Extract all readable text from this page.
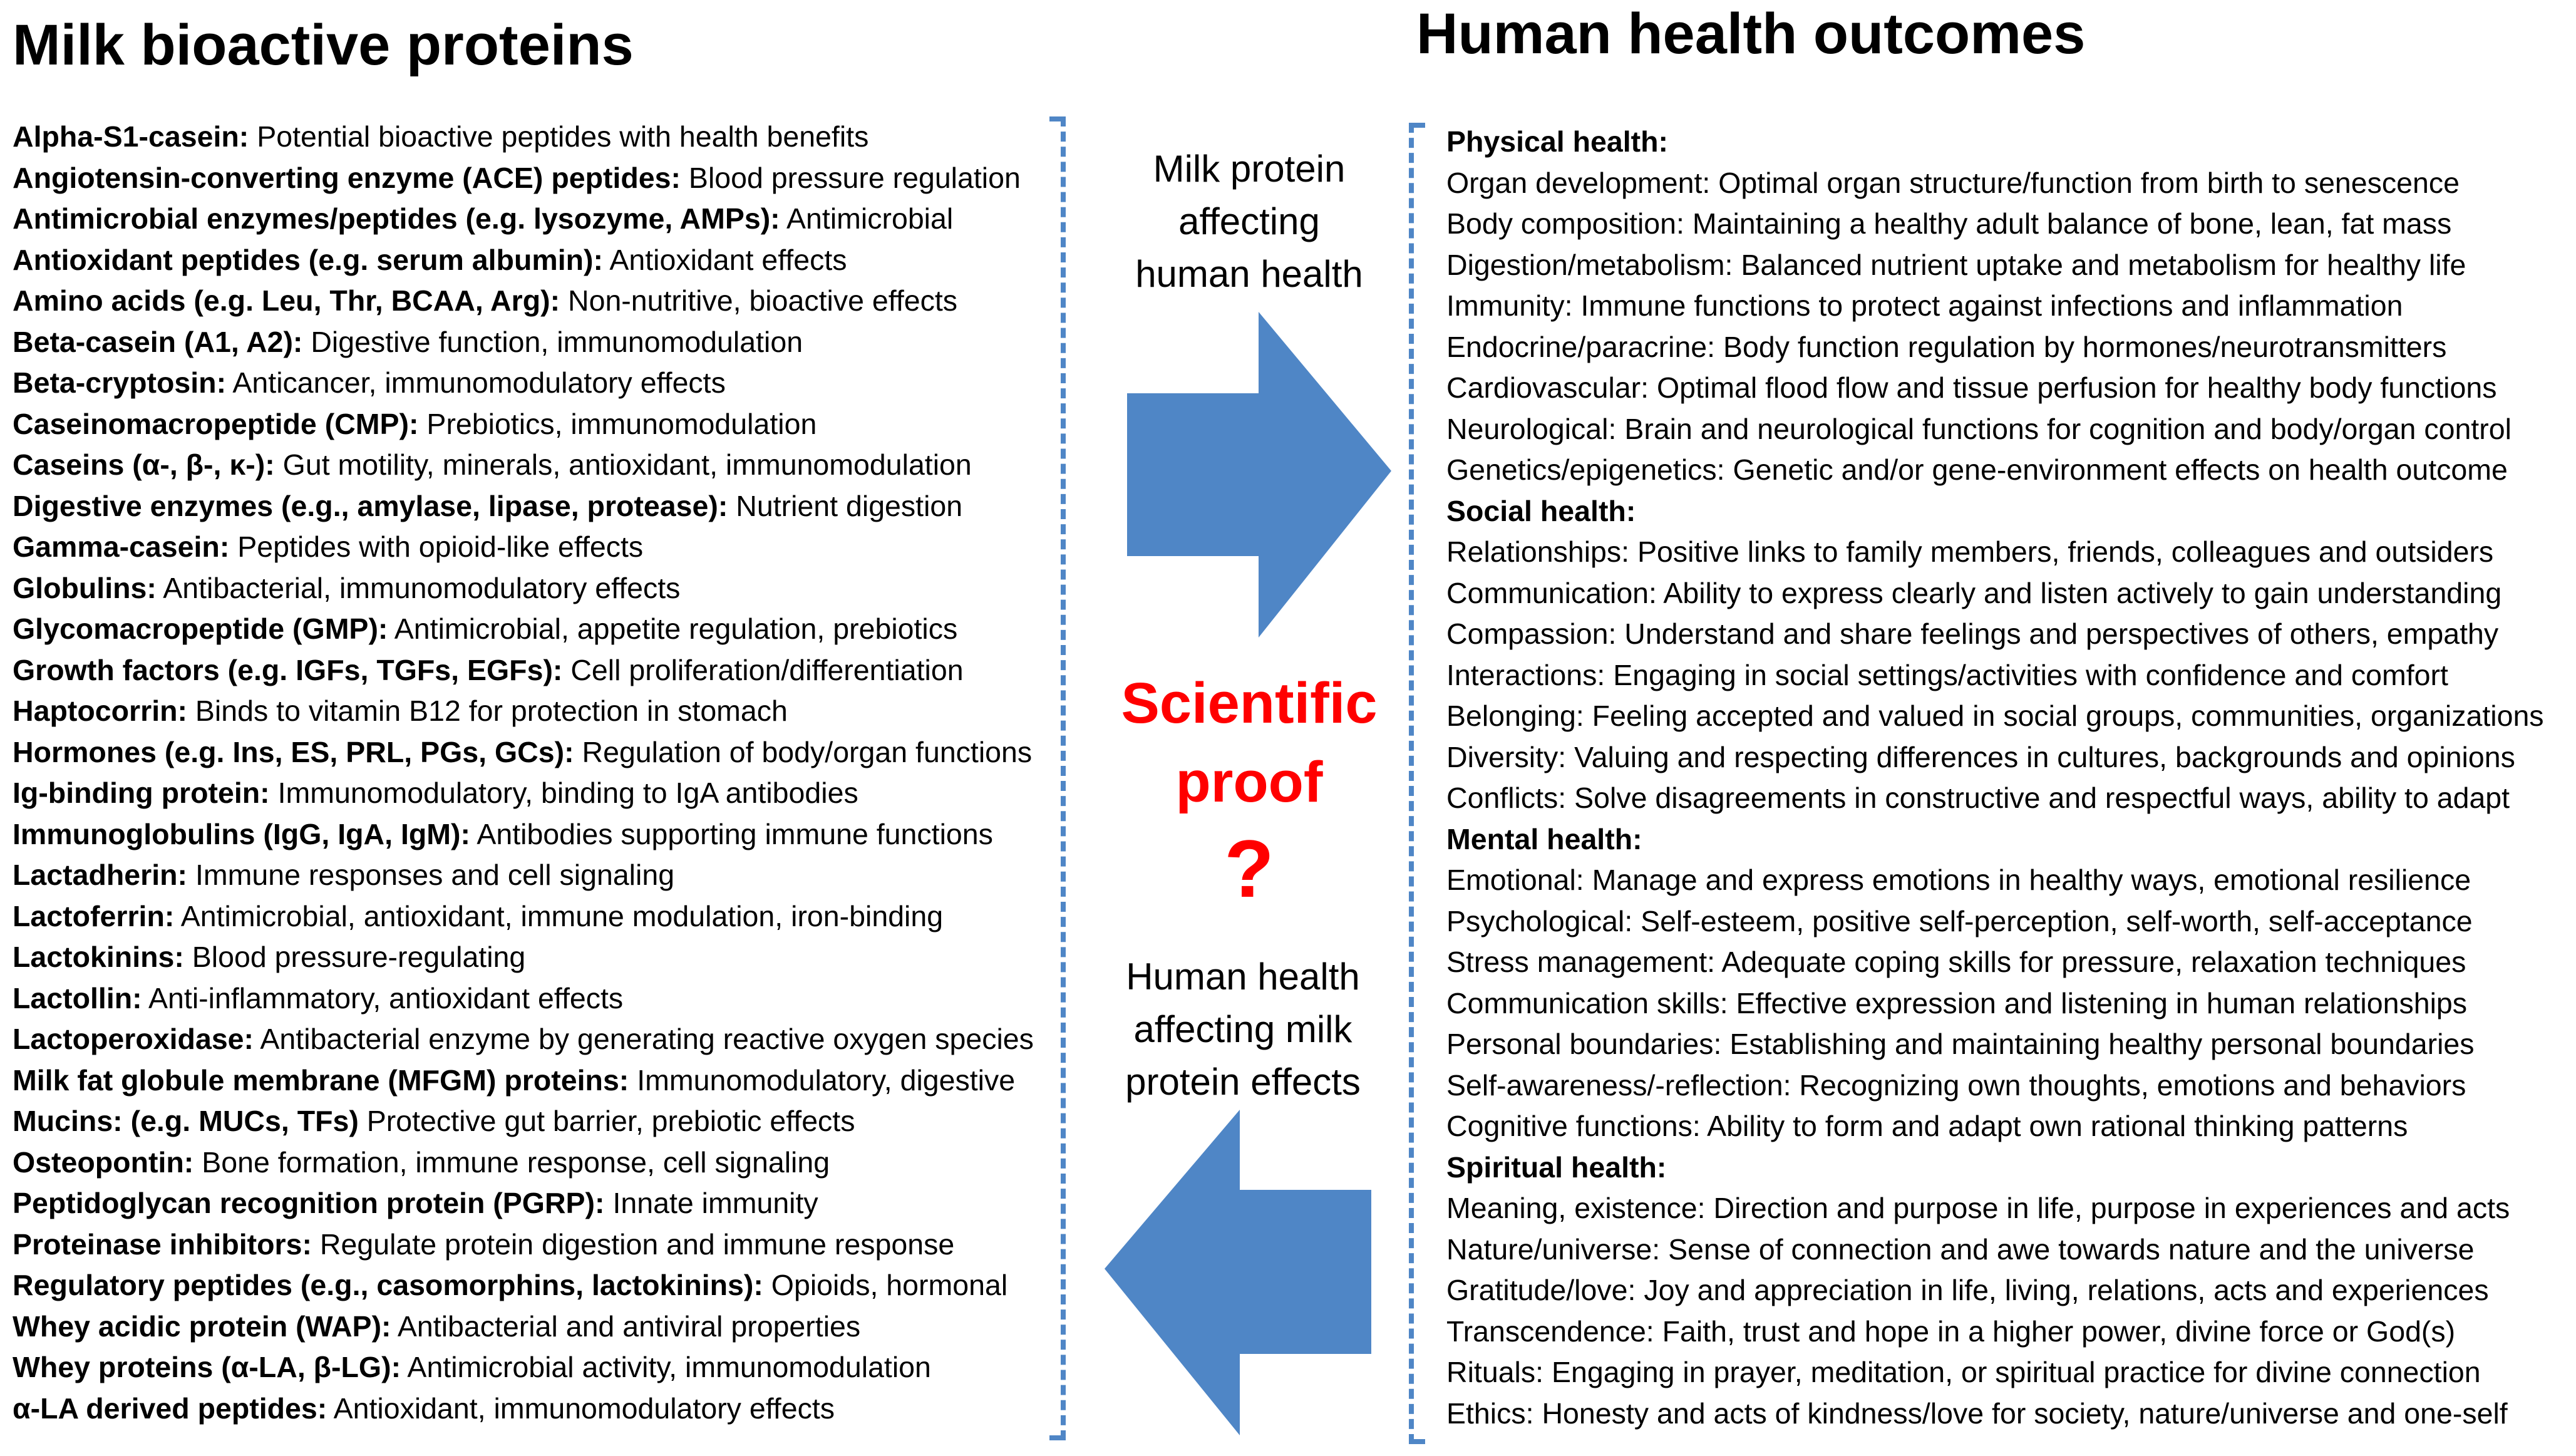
Milk bioactive proteins	Human health outcomes
Alpha-S1-casein: Potential bioactive peptides with health benefits
Angiotensin-converting enzyme (ACE) peptides: Blood pressure regulation
Antimicrobial enzymes/peptides (e.g. lysozyme, AMPs): Antimicrobial
Antioxidant peptides (e.g. serum albumin): Antioxidant effects
Amino acids (e.g. Leu, Thr, BCAA, Arg): Non-nutritive, bioactive effects
Beta-casein (A1, A2): Digestive function, immunomodulation
Beta-cryptosin: Anticancer, immunomodulatory effects
Caseinomacropeptide (CMP): Prebiotics, immunomodulation
Caseins (α-, β-, κ-): Gut motility, minerals, antioxidant, immunomodulation
Digestive enzymes (e.g., amylase, lipase, protease): Nutrient digestion
Gamma-casein: Peptides with opioid-like effects
Globulins: Antibacterial, immunomodulatory effects
Glycomacropeptide (GMP): Antimicrobial, appetite regulation, prebiotics
Growth factors (e.g. IGFs, TGFs, EGFs): Cell proliferation/differentiation
Haptocorrin: Binds to vitamin B12 for protection in stomach
Hormones (e.g. Ins, ES, PRL, PGs, GCs): Regulation of body/organ functions
Ig-binding protein: Immunomodulatory, binding to IgA antibodies
Immunoglobulins (IgG, IgA, IgM): Antibodies supporting immune functions
Lactadherin: Immune responses and cell signaling
Lactoferrin: Antimicrobial, antioxidant, immune modulation, iron-binding
Lactokinins: Blood pressure-regulating
Lactollin: Anti-inflammatory, antioxidant effects
Lactoperoxidase: Antibacterial enzyme by generating reactive oxygen species
Milk fat globule membrane (MFGM) proteins: Immunomodulatory, digestive
Mucins: (e.g. MUCs, TFs) Protective gut barrier, prebiotic effects
Osteopontin: Bone formation, immune response, cell signaling
Peptidoglycan recognition protein (PGRP): Innate immunity
Proteinase inhibitors: Regulate protein digestion and immune response
Regulatory peptides (e.g., casomorphins, lactokinins): Opioids, hormonal
Whey acidic protein (WAP): Antibacterial and antiviral properties
Whey proteins (α-LA, β-LG): Antimicrobial activity, immunomodulation
α-LA derived peptides: Antioxidant, immunomodulatory effects
Physical health:
Organ development: Optimal organ structure/function from birth to senescence
Body composition: Maintaining a healthy adult balance of bone, lean, fat mass
Digestion/metabolism: Balanced nutrient uptake and metabolism for healthy life
Immunity: Immune functions to protect against infections and inflammation
Endocrine/paracrine: Body function regulation by hormones/neurotransmitters
Cardiovascular: Optimal flood flow and tissue perfusion for healthy body functions
Neurological: Brain and neurological functions for cognition and body/organ control
Genetics/epigenetics: Genetic and/or gene-environment effects on health outcome
Social health:
Relationships: Positive links to family members, friends, colleagues and outsiders
Communication: Ability to express clearly and listen actively to gain understanding
Compassion: Understand and share feelings and perspectives of others, empathy
Interactions: Engaging in social settings/activities with confidence and comfort
Belonging: Feeling accepted and valued in social groups, communities, organizations
Diversity: Valuing and respecting differences in cultures, backgrounds and opinions
Conflicts: Solve disagreements in constructive and respectful ways, ability to adapt
Mental health:
Emotional: Manage and express emotions in healthy ways, emotional resilience
Psychological: Self-esteem, positive self-perception, self-worth, self-acceptance
Stress management: Adequate coping skills for pressure, relaxation techniques
Communication skills: Effective expression and listening in human relationships
Personal boundaries: Establishing and maintaining healthy personal boundaries
Self-awareness/-reflection: Recognizing own thoughts, emotions and behaviors
Cognitive functions: Ability to form and adapt own rational thinking patterns
Spiritual health:
Meaning, existence: Direction and purpose in life, purpose in experiences and acts
Nature/universe: Sense of connection and awe towards nature and the universe
Gratitude/love: Joy and appreciation in life, living, relations, acts and experiences
Transcendence: Faith, trust and hope in a higher power, divine force or God(s)
Rituals: Engaging in prayer, meditation, or spiritual practice for divine connection
Ethics: Honesty and acts of kindness/love for society, nature/universe and one-self
Milk protein
affecting
human health
Scientific
proof
?
Human health
affecting milk
protein effects
